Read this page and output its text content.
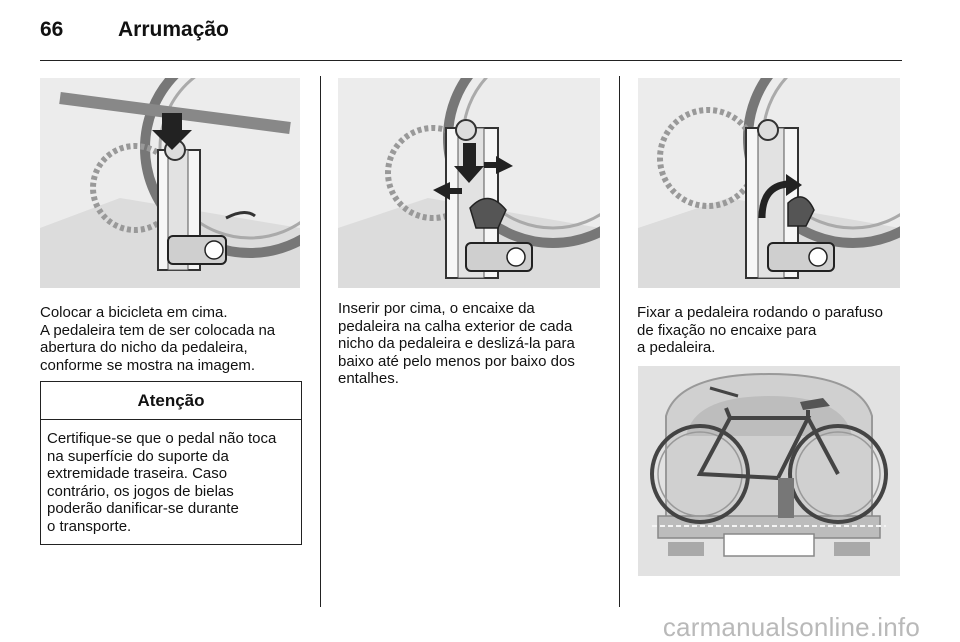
66	Arrumação
Colocar a bicicleta em cima.
A pedaleira tem de ser colocada na
abertura do nicho da pedaleira,
conforme se mostra na imagem.
Atenção
Certifique-se que o pedal não toca
na superfície do suporte da
extremidade traseira. Caso
contrário, os jogos de bielas
poderão danificar-se durante
o transporte.
Inserir por cima, o encaixe da
pedaleira na calha exterior de cada
nicho da pedaleira e deslizá-la para
baixo até pelo menos por baixo dos
entalhes.
Fixar a pedaleira rodando o parafuso
de fixação no encaixe para
a pedaleira.
carmanualsonline.info
